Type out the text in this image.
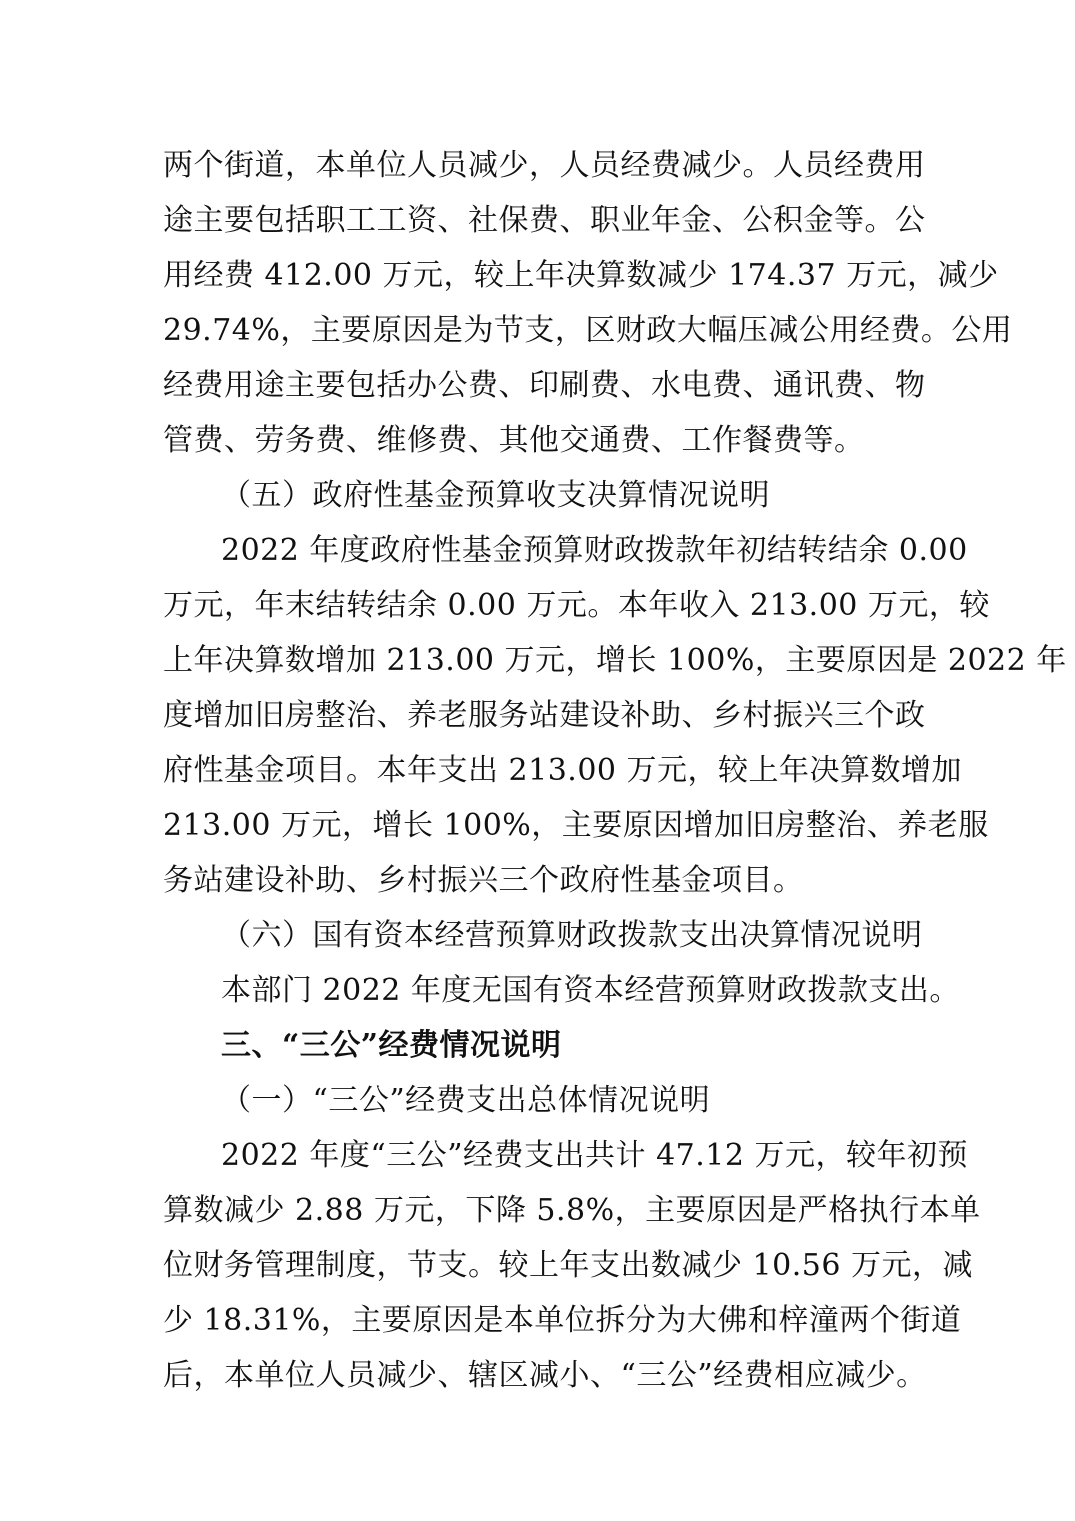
两个街道，本单位人员减少，人员经费减少。人员经费用
途主要包括职工工资、社保费、职业年金、公积金等。公
用经费 412.00 万元，较上年决算数减少 174.37 万元，减少
29.74%，主要原因是为节支，区财政大幅压减公用经费。公用
经费用途主要包括办公费、印刷费、水电费、通讯费、物
管费、劳务费、维修费、其他交通费、工作餐费等。
（五）政府性基金预算收支决算情况说明
2022 年度政府性基金预算财政拨款年初结转结余 0.00
万元，年末结转结余 0.00 万元。本年收入 213.00 万元，较
上年决算数增加 213.00 万元，增长 100%，主要原因是 2022 年
度增加旧房整治、养老服务站建设补助、乡村振兴三个政
府性基金项目。本年支出 213.00 万元，较上年决算数增加
213.00 万元，增长 100%，主要原因增加旧房整治、养老服
务站建设补助、乡村振兴三个政府性基金项目。
（六）国有资本经营预算财政拨款支出决算情况说明
本部门 2022 年度无国有资本经营预算财政拨款支出。
三、“三公”经费情况说明
（一）“三公”经费支出总体情况说明
2022 年度“三公”经费支出共计 47.12 万元，较年初预
算数减少 2.88 万元，下降 5.8%，主要原因是严格执行本单
位财务管理制度，节支。较上年支出数减少 10.56 万元，减
少 18.31%，主要原因是本单位拆分为大佛和梓潼两个街道
后，本单位人员减少、辖区减小、“三公”经费相应减少。
